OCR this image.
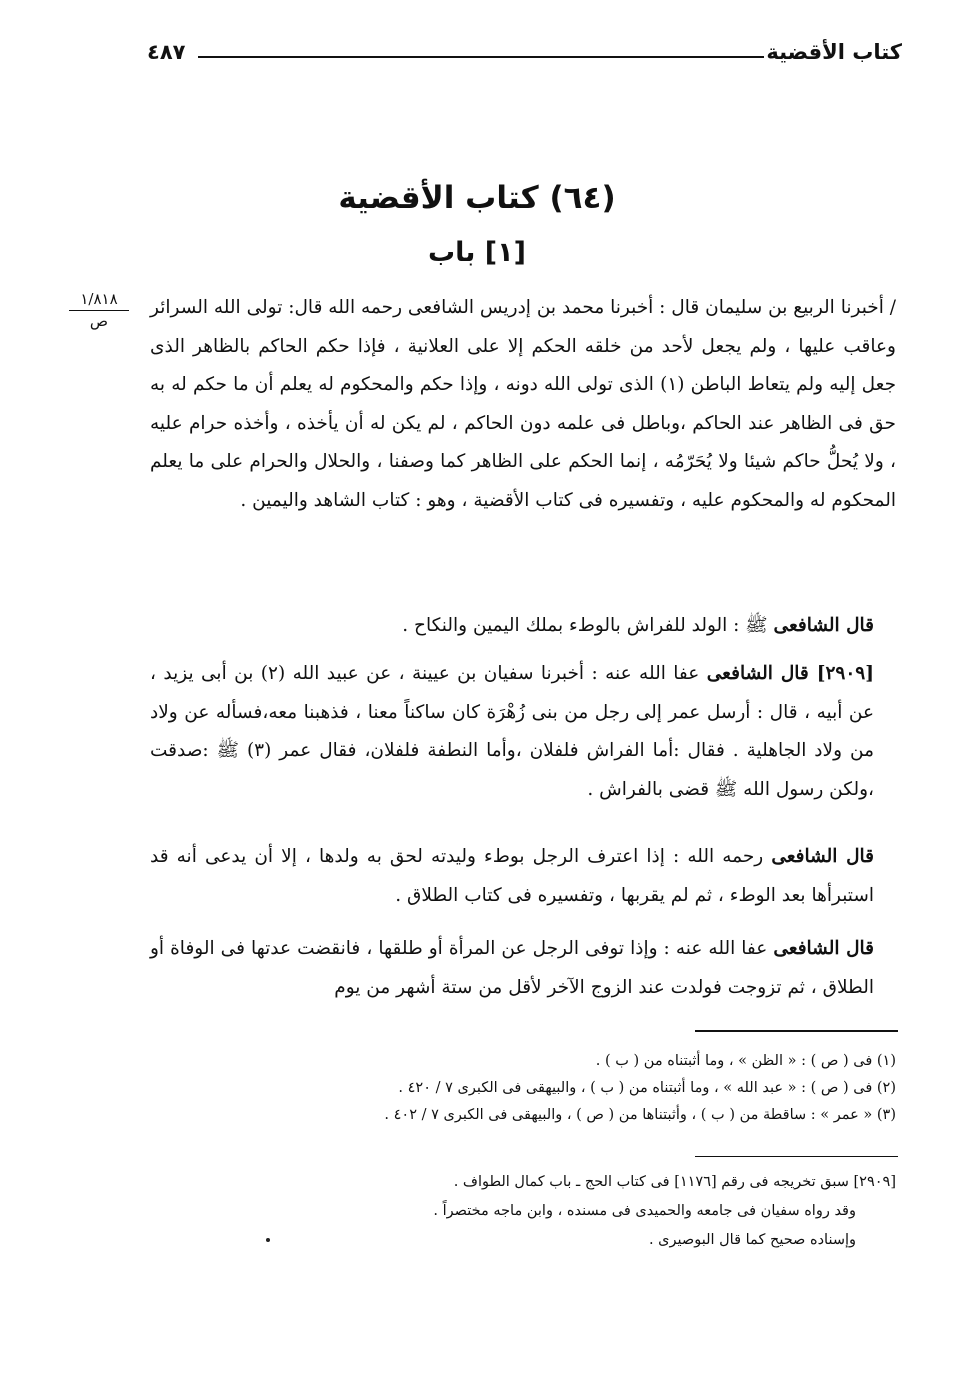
كتاب الأقضية
٤٨٧
(٦٤) كتاب الأقضية
[١] باب
١/٨١٨
ص

/ أخبرنا الربيع بن سليمان قال : أخبرنا محمد بن إدريس الشافعى رحمه الله قال: تولى الله السرائر وعاقب عليها ، ولم يجعل لأحد من خلقه الحكم إلا على العلانية ، فإذا حكم الحاكم بالظاهر الذى جعل إليه ولم يتعاط الباطن (١) الذى تولى الله دونه ، وإذا حكم والمحكوم له يعلم أن ما حكم له به حق فى الظاهر عند الحاكم ،وباطل فى علمه دون الحاكم ، لم يكن له أن يأخذه ، وأخذه حرام عليه ، ولا يُحلُّ حاكم شيئا ولا يُحَرّمُه ، إنما الحكم على الظاهر كما وصفنا ، والحلال والحرام على ما يعلم المحكوم له والمحكوم عليه ، وتفسيره فى كتاب الأقضية ، وهو : كتاب الشاهد واليمين .

قال الشافعى ﷺ : الولد للفراش بالوطء بملك اليمين والنكاح .

[٢٩٠٩] قال الشافعى عفا الله عنه : أخبرنا سفيان بن عيينة ، عن عبيد الله (٢) بن أبى يزيد ، عن أبيه ، قال : أرسل عمر إلى رجل من بنى زُهْرَة كان ساكناً معنا ، فذهبنا معه،فسأله عن ولاد من ولاد الجاهلية . فقال :أما الفراش فلفلان ،وأما النطفة فلفلان، فقال عمر (٣) ﷺ :صدقت ،ولكن رسول الله ﷺ قضى بالفراش .

قال الشافعى رحمه الله : إذا اعترف الرجل بوطء وليدته لحق به ولدها ، إلا أن يدعى أنه قد استبرأها بعد الوطء ، ثم لم يقربها ، وتفسيره فى كتاب الطلاق .

قال الشافعى عفا الله عنه : وإذا توفى الرجل عن المرأة أو طلقها ، فانقضت عدتها فى الوفاة أو الطلاق ، ثم تزوجت فولدت عند الزوج الآخر لأقل من ستة أشهر من يوم

(١) فى ( ص ) : « الظن » ، وما أثبتناه من ( ب ) .
(٢) فى ( ص ) : « عبد الله » ، وما أثبتناه من ( ب ) ، والبيهقى فى الكبرى ٧ / ٤٢٠ .
(٣) « عمر » : ساقطة من ( ب ) ، وأثبتناها من ( ص ) ، والبيهقى فى الكبرى ٧ / ٤٠٢ .
[٢٩٠٩] سبق تخريجه فى رقم [١١٧٦] فى كتاب الحج ـ باب كمال الطواف .
وقد رواه سفيان فى جامعه والحميدى فى مسنده ، وابن ماجه مختصراً .
وإسناده صحيح كما قال البوصيرى .
